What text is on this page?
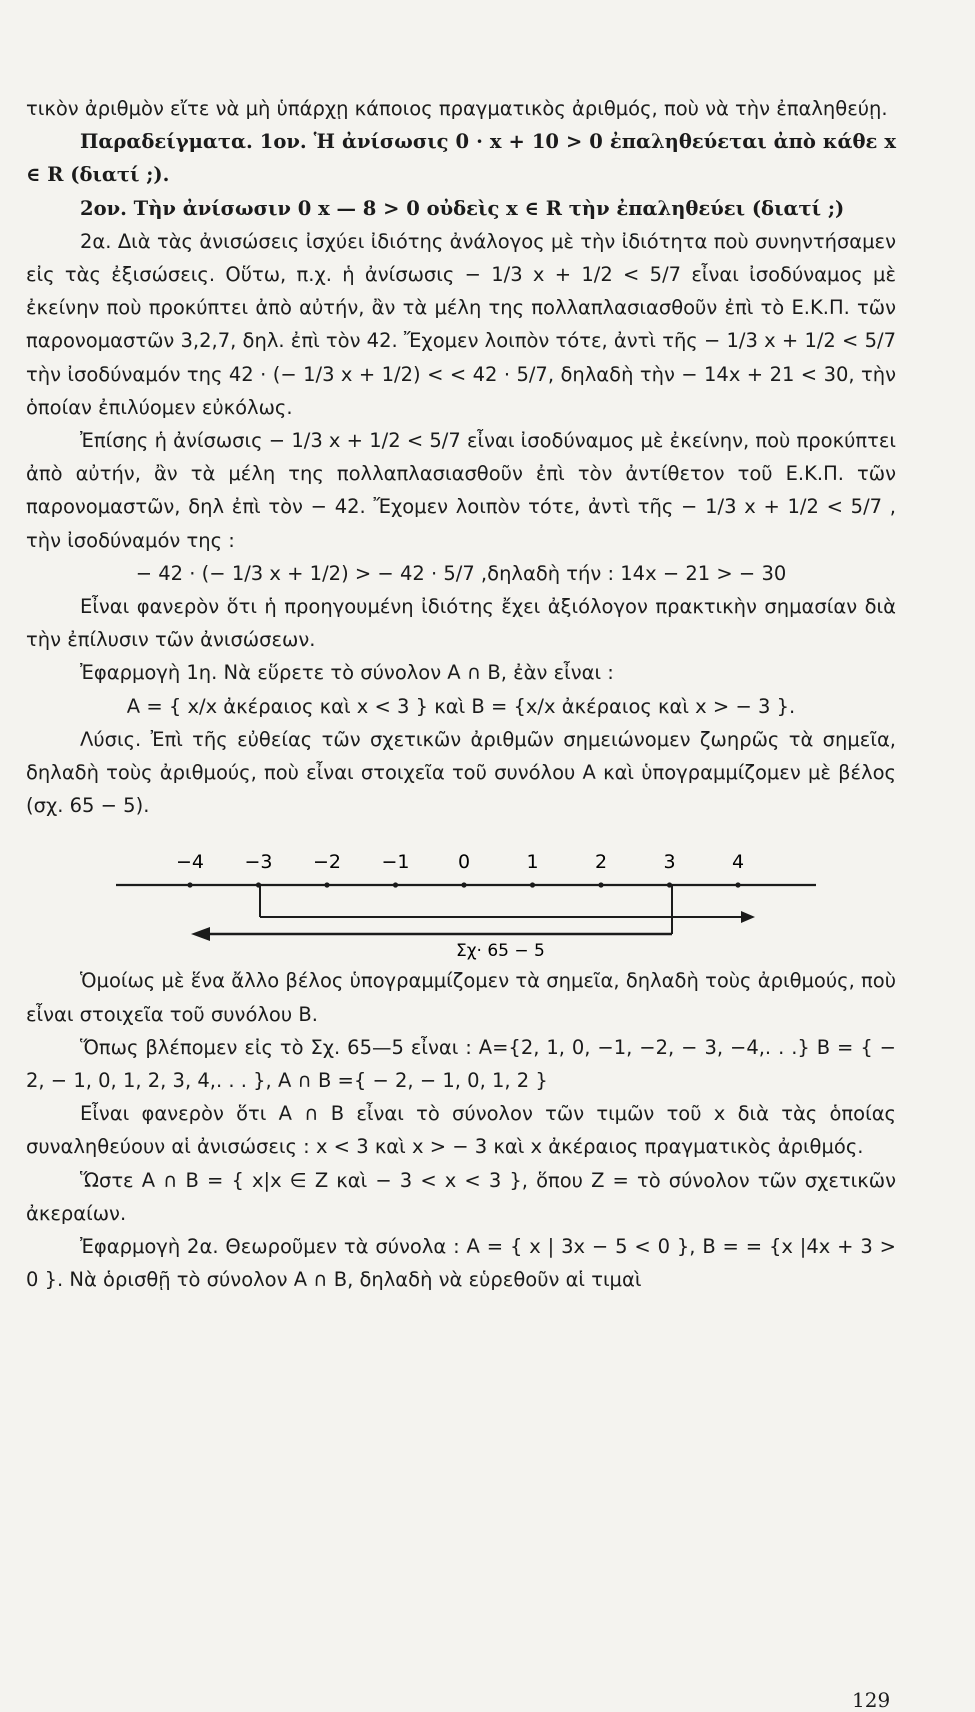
τικὸν ἀριθμὸν εἴτε νὰ μὴ ὑπάρχῃ κάποιος πραγματικὸς ἀριθμός, ποὺ νὰ τὴν ἐπαληθεύῃ.

Παραδείγματα. 1ον. Ἡ ἀνίσωσις 0 · x + 10 > 0 ἐπαληθεύεται ἀπὸ κάθε x ∈ R (διατί ;).

2ον. Τὴν ἀνίσωσιν 0 x — 8 > 0 οὐδεὶς x ∈ R τὴν ἐπαληθεύει (διατί ;)

2α. Διὰ τὰς ἀνισώσεις ἰσχύει ἰδιότης ἀνάλογος μὲ τὴν ἰδιότητα ποὺ συνηντήσαμεν εἰς τὰς ἐξισώσεις. Οὕτω, π.χ. ἡ ἀνίσωσις − 1/3 x + 1/2 < 5/7 εἶναι ἰσοδύναμος μὲ ἐκείνην ποὺ προκύπτει ἀπὸ αὐτήν, ἂν τὰ μέλη της πολλαπλασιασθοῦν ἐπὶ τὸ Ε.Κ.Π. τῶν παρονομαστῶν 3,2,7, δηλ. ἐπὶ τὸν 42. Ἔχομεν λοιπὸν τότε, ἀντὶ τῆς − 1/3 x + 1/2 < 5/7 τὴν ἰσοδύναμόν της 42 · (− 1/3 x + 1/2) < < 42 · 5/7, δηλαδὴ τὴν − 14x + 21 < 30, τὴν ὁποίαν ἐπιλύομεν εὐκόλως.

Ἐπίσης ἡ ἀνίσωσις − 1/3 x + 1/2 < 5/7 εἶναι ἰσοδύναμος μὲ ἐκείνην, ποὺ προκύπτει ἀπὸ αὐτήν, ἂν τὰ μέλη της πολλαπλασιασθοῦν ἐπὶ τὸν ἀντίθετον τοῦ Ε.Κ.Π. τῶν παρονομαστῶν, δηλ ἐπὶ τὸν − 42. Ἔχομεν λοιπὸν τότε, ἀντὶ τῆς − 1/3 x + 1/2 < 5/7 , τὴν ἰσοδύναμόν της :

− 42 · (− 1/3 x + 1/2) > − 42 · 5/7 ,δηλαδὴ τήν : 14x − 21 > − 30

Εἶναι φανερὸν ὅτι ἡ προηγουμένη ἰδιότης ἔχει ἀξιόλογον πρακτικὴν σημασίαν διὰ τὴν ἐπίλυσιν τῶν ἀνισώσεων.

Ἐφαρμογὴ 1η. Νὰ εὕρετε τὸ σύνολον Α ∩ Β, ἐὰν εἶναι :

Α = { x/x ἀκέραιος καὶ x < 3 } καὶ Β = {x/x ἀκέραιος καὶ x > − 3 }.

Λύσις. Ἐπὶ τῆς εὐθείας τῶν σχετικῶν ἀριθμῶν σημειώνομεν ζωηρῶς τὰ σημεῖα, δηλαδὴ τοὺς ἀριθμούς, ποὺ εἶναι στοιχεῖα τοῦ συνόλου Α καὶ ὑπογραμμίζομεν μὲ βέλος (σχ. 65 − 5).

−4 −3 −2 −1	0	1	2	3	4
Σχ· 65 − 5

Ὁμοίως μὲ ἕνα ἄλλο βέλος ὑπογραμμίζομεν τὰ σημεῖα, δηλαδὴ τοὺς ἀριθμούς, ποὺ εἶναι στοιχεῖα τοῦ συνόλου Β.

Ὅπως βλέπομεν εἰς τὸ Σχ. 65—5 εἶναι : Α={2, 1, 0, −1, −2, − 3, −4,. . .} Β = { − 2, − 1, 0, 1, 2, 3, 4,. . . }, Α ∩ Β ={ − 2, − 1, 0, 1, 2 }

Εἶναι φανερὸν ὅτι Α ∩ Β εἶναι τὸ σύνολον τῶν τιμῶν τοῦ x διὰ τὰς ὁποίας συναληθεύουν αἱ ἀνισώσεις : x < 3 καὶ x > − 3 καὶ x ἀκέραιος πραγματικὸς ἀριθμός.

Ὥστε Α ∩ Β = { x|x ∈ Z καὶ − 3 < x < 3 }, ὅπου Z = τὸ σύνολον τῶν σχετικῶν ἀκεραίων.

Ἐφαρμογὴ 2α. Θεωροῦμεν τὰ σύνολα : Α = { x | 3x − 5 < 0 }, Β = = {x |4x + 3 > 0 }. Νὰ ὁρισθῇ τὸ σύνολον Α ∩ Β, δηλαδὴ νὰ εὑρεθοῦν αἱ τιμαὶ

129
